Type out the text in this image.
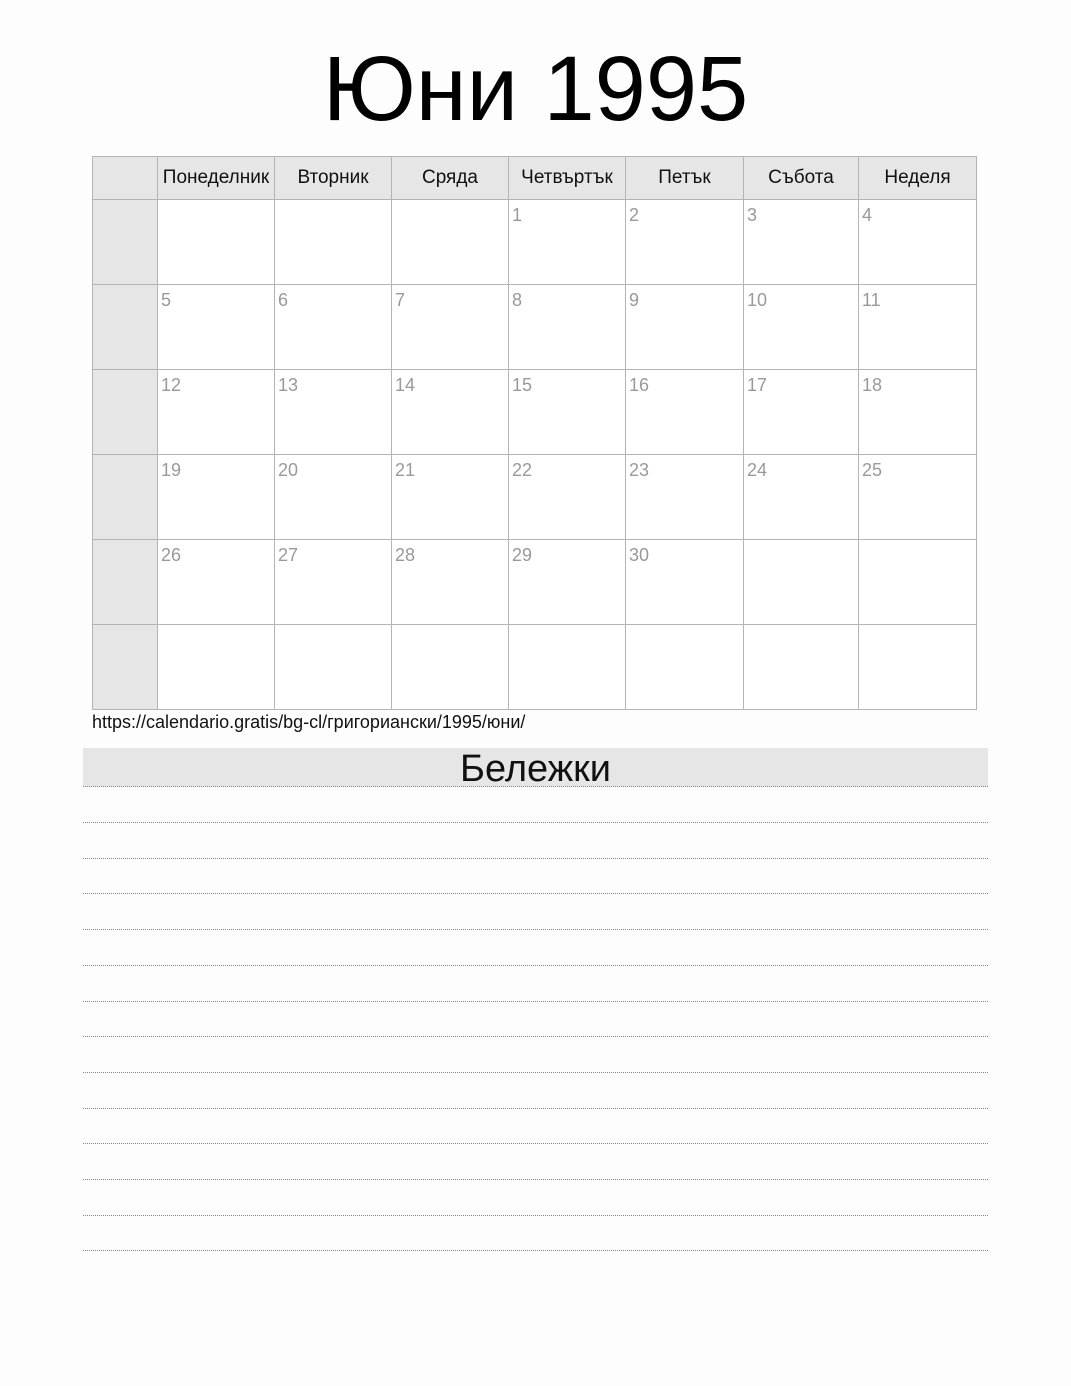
Юни 1995
	Понеделник	Вторник	Сряда	Четвъртък	Петък	Събота	Неделя

				1	2	3	4

	5	6	7	8	9	10	11

	12	13	14	15	16	17	18

	19	20	21	22	23	24	25

	26	27	28	29	30		

https://calendario.gratis/bg-cl/григориански/1995/юни/
Бележки
